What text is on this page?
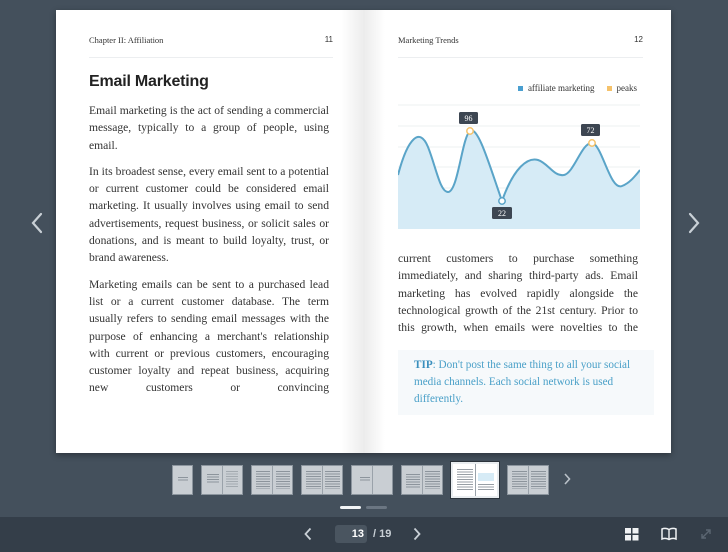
Chapter II: Affiliation	11
Email Marketing

Email marketing is the act of sending a commercial message, typically to a group of people, using email.

In its broadest sense, every email sent to a potential or current customer could be considered email marketing. It usually involves using email to send advertisements, request business, or solicit sales or donations, and is meant to build loyalty, trust, or brand awareness.

Marketing emails can be sent to a purchased lead list or a current customer database. The term usually refers to sending email messages with the purpose of enhancing a merchant's relationship with current or previous customers, encouraging customer loyalty and repeat business, acquiring new customers or convincing

Marketing Trends	12
affiliate marketing peaks
96
22
72

current customers to purchase something immediately, and sharing third-party ads. Email marketing has evolved rapidly alongside the technological growth of the 21st century. Prior to this growth, when emails were novelties to the

TIP: Don't post the same thing to all your social media channels. Each social network is used differently.
13
/ 19
